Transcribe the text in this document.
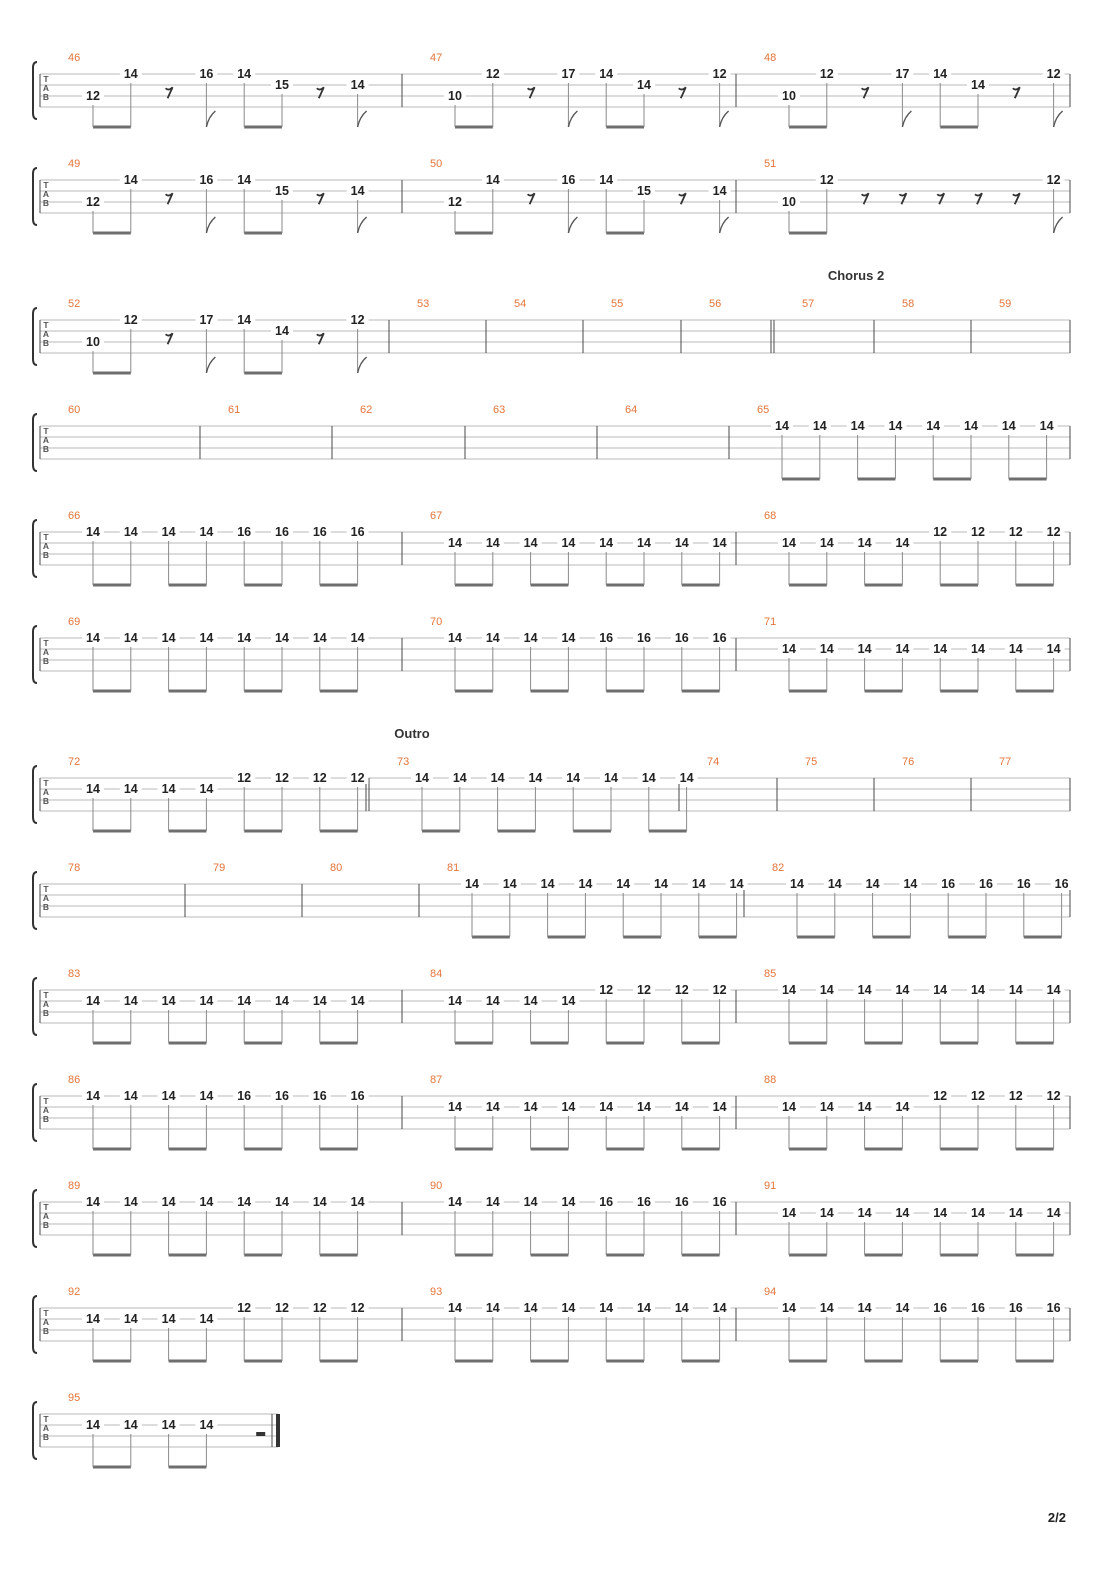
T
A
B
46
12
14	16 14
15	14
47
10
12	17 14
14
12
48
10
12	17 14
14
12
T
A
B
49
12
14	16 14
15	14
50
12
14	16 14
15	14
51
10
12	12
T
A
B
Chorus 2
52
10
12	17 14
14
12
53	54	55	56	57	58	59
T
A
B
60	61	62	63	64	65
14 14 14 14 14 14 14 14
T
A
B
66
14 14 14 14 16 16 16 16
67
14 14 14 14 14 14 14 14
68
14 14 14 14
12 12 12 12
T
A
B
69
14 14 14 14 14 14 14 14
70
14 14 14 14 16 16 16 16
71
14 14 14 14 14 14 14 14
T
A
B
Outro
72
14 14 14 14
12 12 12 12
73
14 14 14 14 14 14 14 14
74	75	76	77
T
A
B
78	79	80	81
14 14 14 14 14 14 14 14
82
14 14 14 14 16 16 16 16
T
A
B
83
14 14 14 14 14 14 14 14
84
14 14 14 14
12 12 12 12
85
14 14 14 14 14 14 14 14
T
A
B
86
14 14 14 14 16 16 16 16
87
14 14 14 14 14 14 14 14
88
14 14 14 14
12 12 12 12
T
A
B
89
14 14 14 14 14 14 14 14
90
14 14 14 14 16 16 16 16
91
14 14 14 14 14 14 14 14
T
A
B
92
14 14 14 14
12 12 12 12
93
14 14 14 14 14 14 14 14
94
14 14 14 14 16 16 16 16
T
A
B
95
14 14 14 14
2/2
